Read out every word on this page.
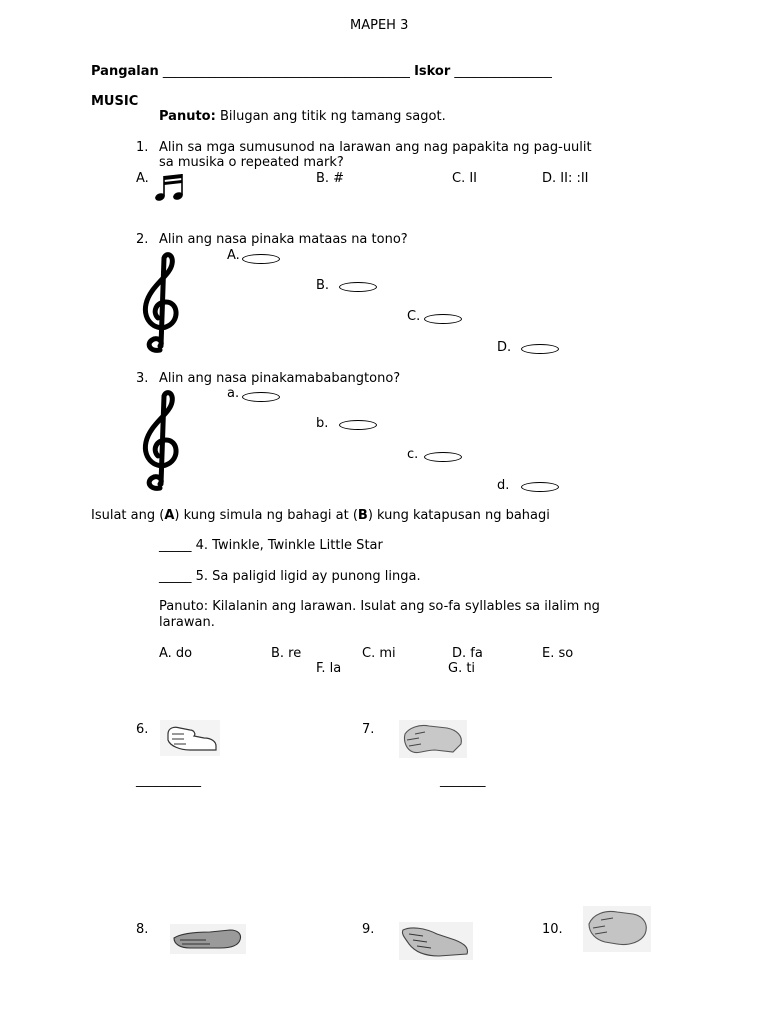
MAPEH 3
Pangalan ______________________________________ Iskor _______________
MUSIC
Panuto: Bilugan ang titik ng tamang sagot.
1. Alin sa mga sumusunod na larawan ang nag papakita ng pag-uulit
sa musika o repeated mark?
A.	B. #	C. II	D. II: :II
2. Alin ang nasa pinaka mataas na tono?
A.
B.
C.
D.
3. Alin ang nasa pinakamababangtono?
a.
b.
c.
d.
Isulat ang (A) kung simula ng bahagi at (B) kung katapusan ng bahagi
_____ 4. Twinkle, Twinkle Little Star
_____ 5. Sa paligid ligid ay punong linga.
Panuto: Kilalanin ang larawan. Isulat ang so-fa syllables sa ilalim ng
larawan.
A. do	B. re	C. mi	D. fa	E. so
F. la	G. ti
6.	7.
__________	_______
8.	9.	10.
